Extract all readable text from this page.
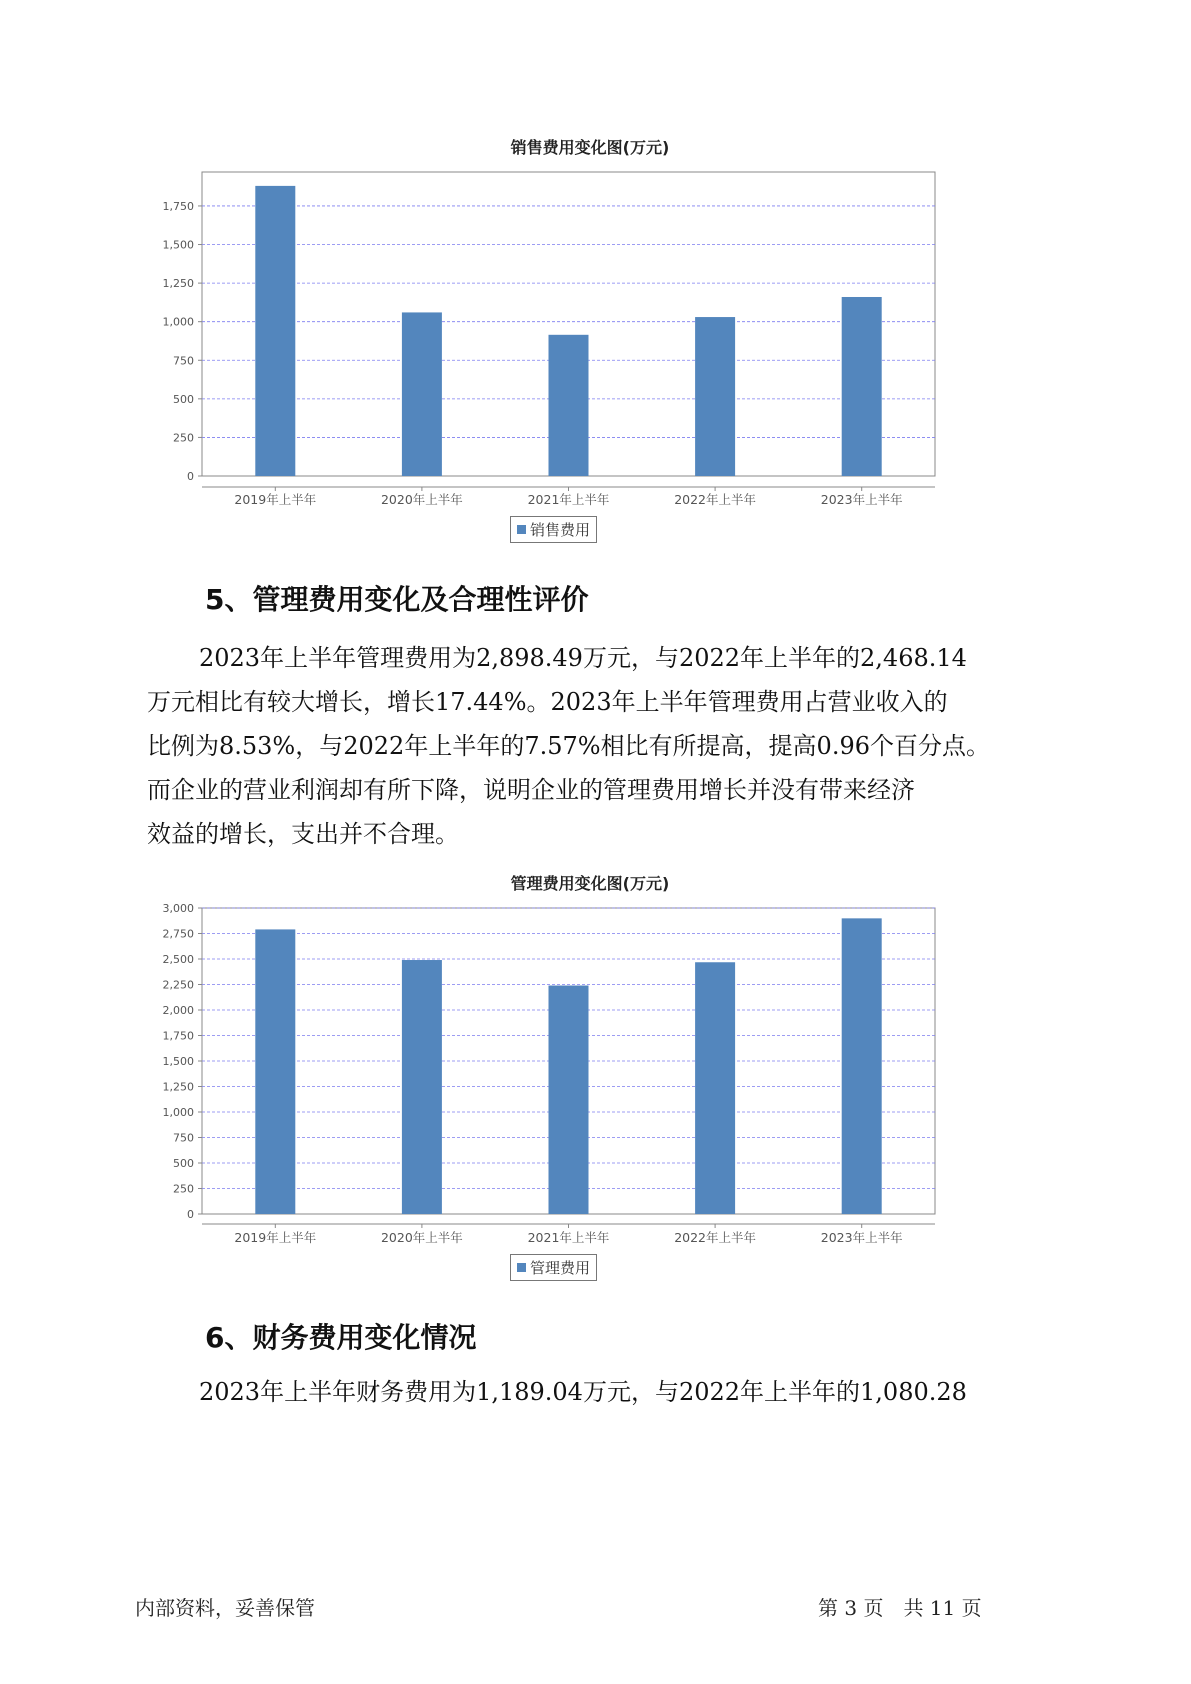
销售费用变化图(万元)
0
250
500
750
1,000
1,250
1,500
1,750
2019年上半年	2020年上半年	2021年上半年	2022年上半年	2023年上半年
销售费用
5、管理费用变化及合理性评价
2023年上半年管理费用为2,898.49万元，与2022年上半年的2,468.14
万元相比有较大增长，增长17.44%。2023年上半年管理费用占营业收入的
比例为8.53%，与2022年上半年的7.57%相比有所提高，提高0.96个百分点。
而企业的营业利润却有所下降，说明企业的管理费用增长并没有带来经济
效益的增长，支出并不合理。
管理费用变化图(万元)
0
250
500
750
1,000
1,250
1,500
1,750
2,000
2,250
2,500
2,750
3,000
2019年上半年	2020年上半年	2021年上半年	2022年上半年	2023年上半年
管理费用
6、财务费用变化情况
2023年上半年财务费用为1,189.04万元，与2022年上半年的1,080.28
内部资料，妥善保管	第 3 页　共 11 页
